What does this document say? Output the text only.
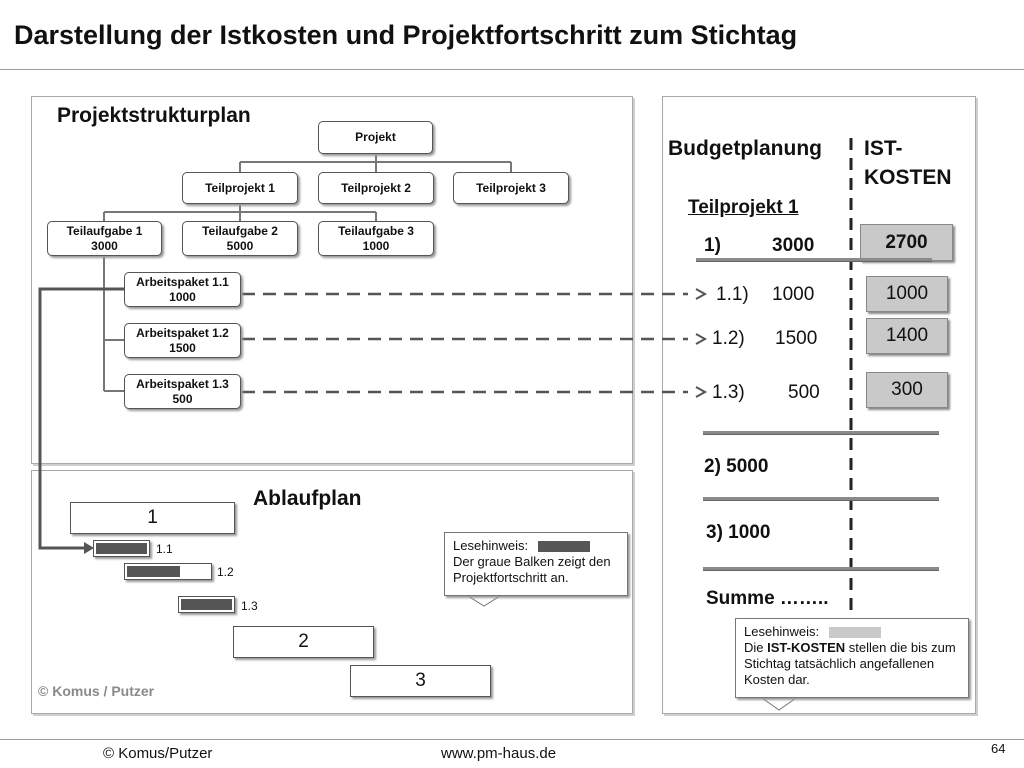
Darstellung der Istkosten und Projektfortschritt zum Stichtag
Projektstrukturplan
Projekt
Teilprojekt 1	Teilprojekt 2	Teilprojekt 3
Teilaufgabe 1
3000
Teilaufgabe 2
5000
Teilaufgabe 3
1000
Arbeitspaket 1.1
1000
Arbeitspaket 1.2
1500
Arbeitspaket 1.3
500
Ablaufplan
1
1.1
1.2
1.3
2
3
Lesehinweis:
Der graue Balken zeigt den Projektfortschritt an.
© Komus / Putzer
Budgetplanung IST-
KOSTEN
Teilprojekt 1
1)	3000	2700
1.1) 1000	1000
1.2) 1500	1400
1.3) 500	300
2) 5000
3) 1000
Summe ……..
Lesehinweis:
Die IST-KOSTEN stellen die bis zum Stichtag tatsächlich angefallenen Kosten dar.
© Komus/Putzer	www.pm-haus.de	64
